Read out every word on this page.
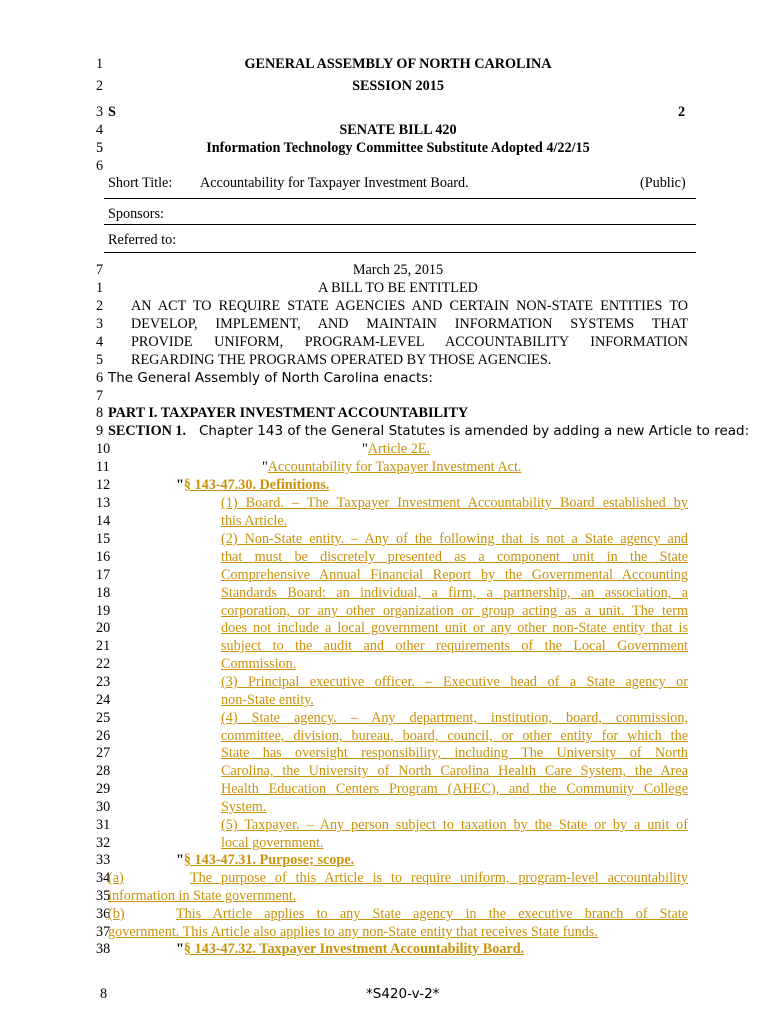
1	GENERAL ASSEMBLY OF NORTH CAROLINA
2	SESSION 2015
3 S	2
4	SENATE BILL 420
5	Information Technology Committee Substitute Adopted 4/22/15
6
Short Title: Accountability for Taxpayer Investment Board.	(Public)
Sponsors:
Referred to:
7	March 25, 2015
1	A BILL TO BE ENTITLED
2	AN ACT TO REQUIRE STATE AGENCIES AND CERTAIN NON-STATE ENTITIES TO
3	DEVELOP, IMPLEMENT, AND MAINTAIN INFORMATION SYSTEMS THAT
4	PROVIDE UNIFORM, PROGRAM-LEVEL ACCOUNTABILITY INFORMATION
5	REGARDING THE PROGRAMS OPERATED BY THOSE AGENCIES.
6 The General Assembly of North Carolina enacts:
7
8 PART I. TAXPAYER INVESTMENT ACCOUNTABILITY
9 SECTION 1. Chapter 143 of the General Statutes is amended by adding a new Article to read:
10	"Article 2E.
11	"Accountability for Taxpayer Investment Act.
12	"§ 143-47.30. Definitions.
13	(1) Board. – The Taxpayer Investment Accountability Board established by
14	this Article.
15	(2) Non-State entity. – Any of the following that is not a State agency and
16	that must be discretely presented as a component unit in the State
17	Comprehensive Annual Financial Report by the Governmental Accounting
18	Standards Board: an individual, a firm, a partnership, an association, a
19	corporation, or any other organization or group acting as a unit. The term
20	does not include a local government unit or any other non-State entity that is
21	subject to the audit and other requirements of the Local Government
22	Commission.
23	(3) Principal executive officer. – Executive head of a State agency or
24	non-State entity.
25	(4) State agency. – Any department, institution, board, commission,
26	committee, division, bureau, board, council, or other entity for which the
27	State has oversight responsibility, including The University of North
28	Carolina, the University of North Carolina Health Care System, the Area
29	Health Education Centers Program (AHEC), and the Community College
30	System.
31	(5) Taxpayer. – Any person subject to taxation by the State or by a unit of
32	local government.
33	"§ 143-47.31. Purpose; scope.
34
(a)	The purpose of this Article is to require uniform, program-level accountability
35
information in State government.
36
(b)	This Article applies to any State agency in the executive branch of State
37
government. This Article also applies to any non-State entity that receives State funds.
38	"§ 143-47.32. Taxpayer Investment Accountability Board.
8	*S420-v-2*
